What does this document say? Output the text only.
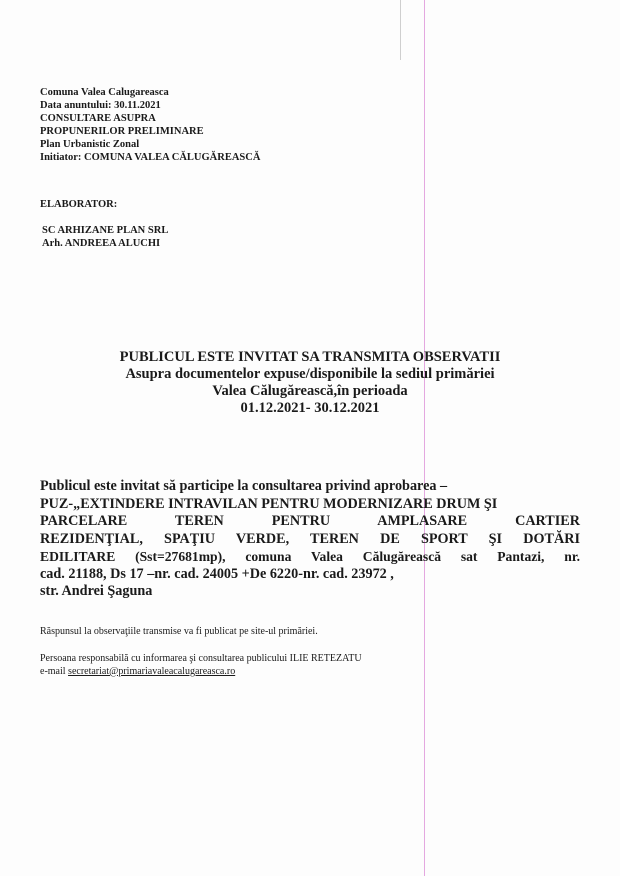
Comuna Valea Calugareasca
Data anuntului: 30.11.2021
CONSULTARE ASUPRA
PROPUNERILOR PRELIMINARE
Plan Urbanistic Zonal
Initiator: COMUNA VALEA CĂLUGĂREASCĂ
ELABORATOR:
SC ARHIZANE PLAN SRL
Arh. ANDREEA ALUCHI
PUBLICUL ESTE INVITAT SA TRANSMITA OBSERVATII
Asupra documentelor expuse/disponibile la sediul primăriei
Valea Călugărească,în perioada
01.12.2021- 30.12.2021
Publicul este invitat să participe la consultarea privind aprobarea –
PUZ-„EXTINDERE INTRAVILAN PENTRU MODERNIZARE DRUM ŞI
PARCELARE TEREN PENTRU AMPLASARE CARTIER
REZIDENŢIAL, SPAŢIU VERDE, TEREN DE SPORT ŞI DOTĂRI
EDILITARE (Sst=27681mp), comuna Valea Călugărească sat Pantazi, nr.
cad. 21188, Ds 17 –nr. cad. 24005 +De 6220-nr. cad. 23972 ,
str. Andrei Şaguna
Răspunsul la observaţiile transmise va fi publicat pe site-ul primăriei.
Persoana responsabilă cu informarea şi consultarea publicului ILIE RETEZATU
e-mail secretariat@primariavaleacalugareasca.ro
